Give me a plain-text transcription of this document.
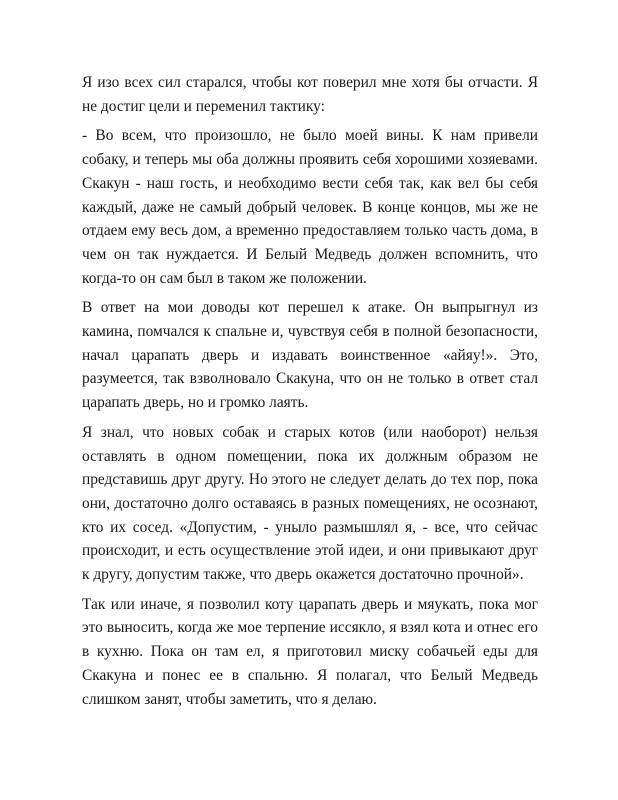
Я изо всех сил старался, чтобы кот поверил мне хотя бы отчасти. Я не достиг цели и переменил тактику:

- Во всем, что произошло, не было моей вины. К нам привели собаку, и теперь мы оба должны проявить себя хорошими хозяевами. Скакун - наш гость, и необходимо вести себя так, как вел бы себя каждый, даже не самый добрый человек. В конце концов, мы же не отдаем ему весь дом, а временно предоставляем только часть дома, в чем он так нуждается. И Белый Медведь должен вспомнить, что когда-то он сам был в таком же положении.

В ответ на мои доводы кот перешел к атаке. Он выпрыгнул из камина, помчался к спальне и, чувствуя себя в полной безопасности, начал царапать дверь и издавать воинственное «айяу!». Это, разумеется, так взволновало Скакуна, что он не только в ответ стал царапать дверь, но и громко лаять.

Я знал, что новых собак и старых котов (или наоборот) нельзя оставлять в одном помещении, пока их должным образом не представишь друг другу. Но этого не следует делать до тех пор, пока они, достаточно долго оставаясь в разных помещениях, не осознают, кто их сосед. «Допустим, - уныло размышлял я, - все, что сейчас происходит, и есть осуществление этой идеи, и они привыкают друг к другу, допустим также, что дверь окажется достаточно прочной».

Так или иначе, я позволил коту царапать дверь и мяукать, пока мог это выносить, когда же мое терпение иссякло, я взял кота и отнес его в кухню. Пока он там ел, я приготовил миску собачьей еды для Скакуна и понес ее в спальню. Я полагал, что Белый Медведь слишком занят, чтобы заметить, что я делаю.
